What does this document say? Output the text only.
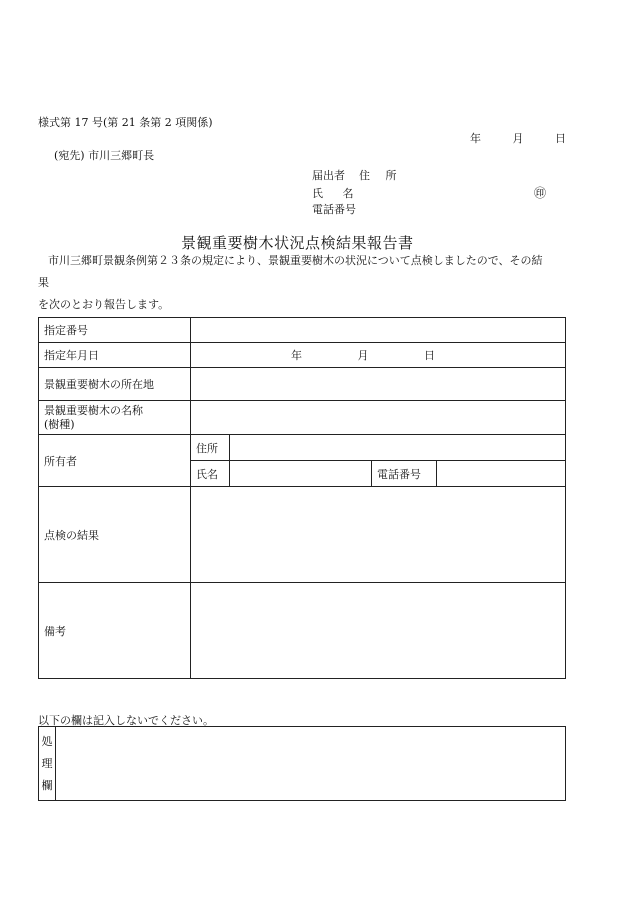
様式第 17 号(第 21 条第 2 項関係)
年	月	日
(宛先) 市川三郷町長
届出者 住 所
氏 名	㊞
電話番号
景観重要樹木状況点検結果報告書
市川三郷町景観条例第２３条の規定により、景観重要樹木の状況について点検しましたので、その結
果
を次のとおり報告します。
指定番号				
指定年月日	年 月 日			
景観重要樹木の所在地				

景観重要樹木の名称
(樹種)				

所有者	住所			
	氏名		電話番号	
点検の結果				
備考				
以下の欄は記入しないでください。
処
理
欄
